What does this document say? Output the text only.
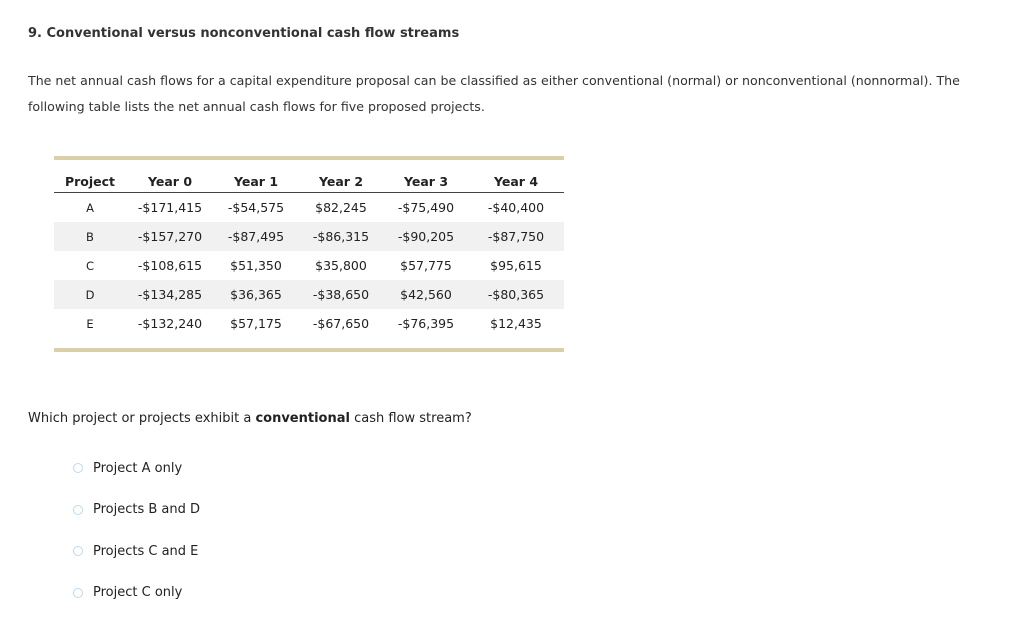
9. Conventional versus nonconventional cash flow streams
The net annual cash flows for a capital expenditure proposal can be classified as either conventional (normal) or nonconventional (nonnormal). The following table lists the net annual cash flows for five proposed projects.
Project	Year 0	Year 1	Year 2	Year 3	Year 4
A	-$171,415	-$54,575	$82,245	-$75,490	-$40,400
B	-$157,270	-$87,495	-$86,315	-$90,205	-$87,750
C	-$108,615	$51,350	$35,800	$57,775	$95,615
D	-$134,285	$36,365	-$38,650	$42,560	-$80,365
E	-$132,240	$57,175	-$67,650	-$76,395	$12,435
Which project or projects exhibit a conventional cash flow stream?
Project A only
Projects B and D
Projects C and E
Project C only
